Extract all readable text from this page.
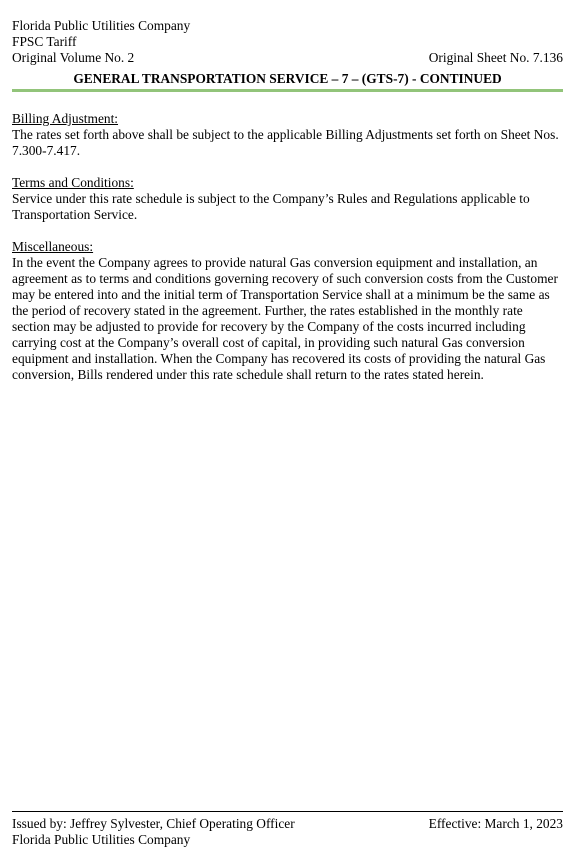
Florida Public Utilities Company
FPSC Tariff
Original Volume No. 2	Original Sheet No. 7.136
GENERAL TRANSPORTATION SERVICE – 7 – (GTS-7) - CONTINUED
Billing Adjustment:

The rates set forth above shall be subject to the applicable Billing Adjustments set forth on Sheet Nos. 7.300-7.417.

Terms and Conditions:

Service under this rate schedule is subject to the Company’s Rules and Regulations applicable to Transportation Service.

Miscellaneous:

In the event the Company agrees to provide natural Gas conversion equipment and installation, an agreement as to terms and conditions governing recovery of such conversion costs from the Customer may be entered into and the initial term of Transportation Service shall at a minimum be the same as the period of recovery stated in the agreement. Further, the rates established in the monthly rate section may be adjusted to provide for recovery by the Company of the costs incurred including carrying cost at the Company’s overall cost of capital, in providing such natural Gas conversion equipment and installation. When the Company has recovered its costs of providing the natural Gas conversion, Bills rendered under this rate schedule shall return to the rates stated herein.

Issued by: Jeffrey Sylvester, Chief Operating Officer	Effective: March 1, 2023
Florida Public Utilities Company
